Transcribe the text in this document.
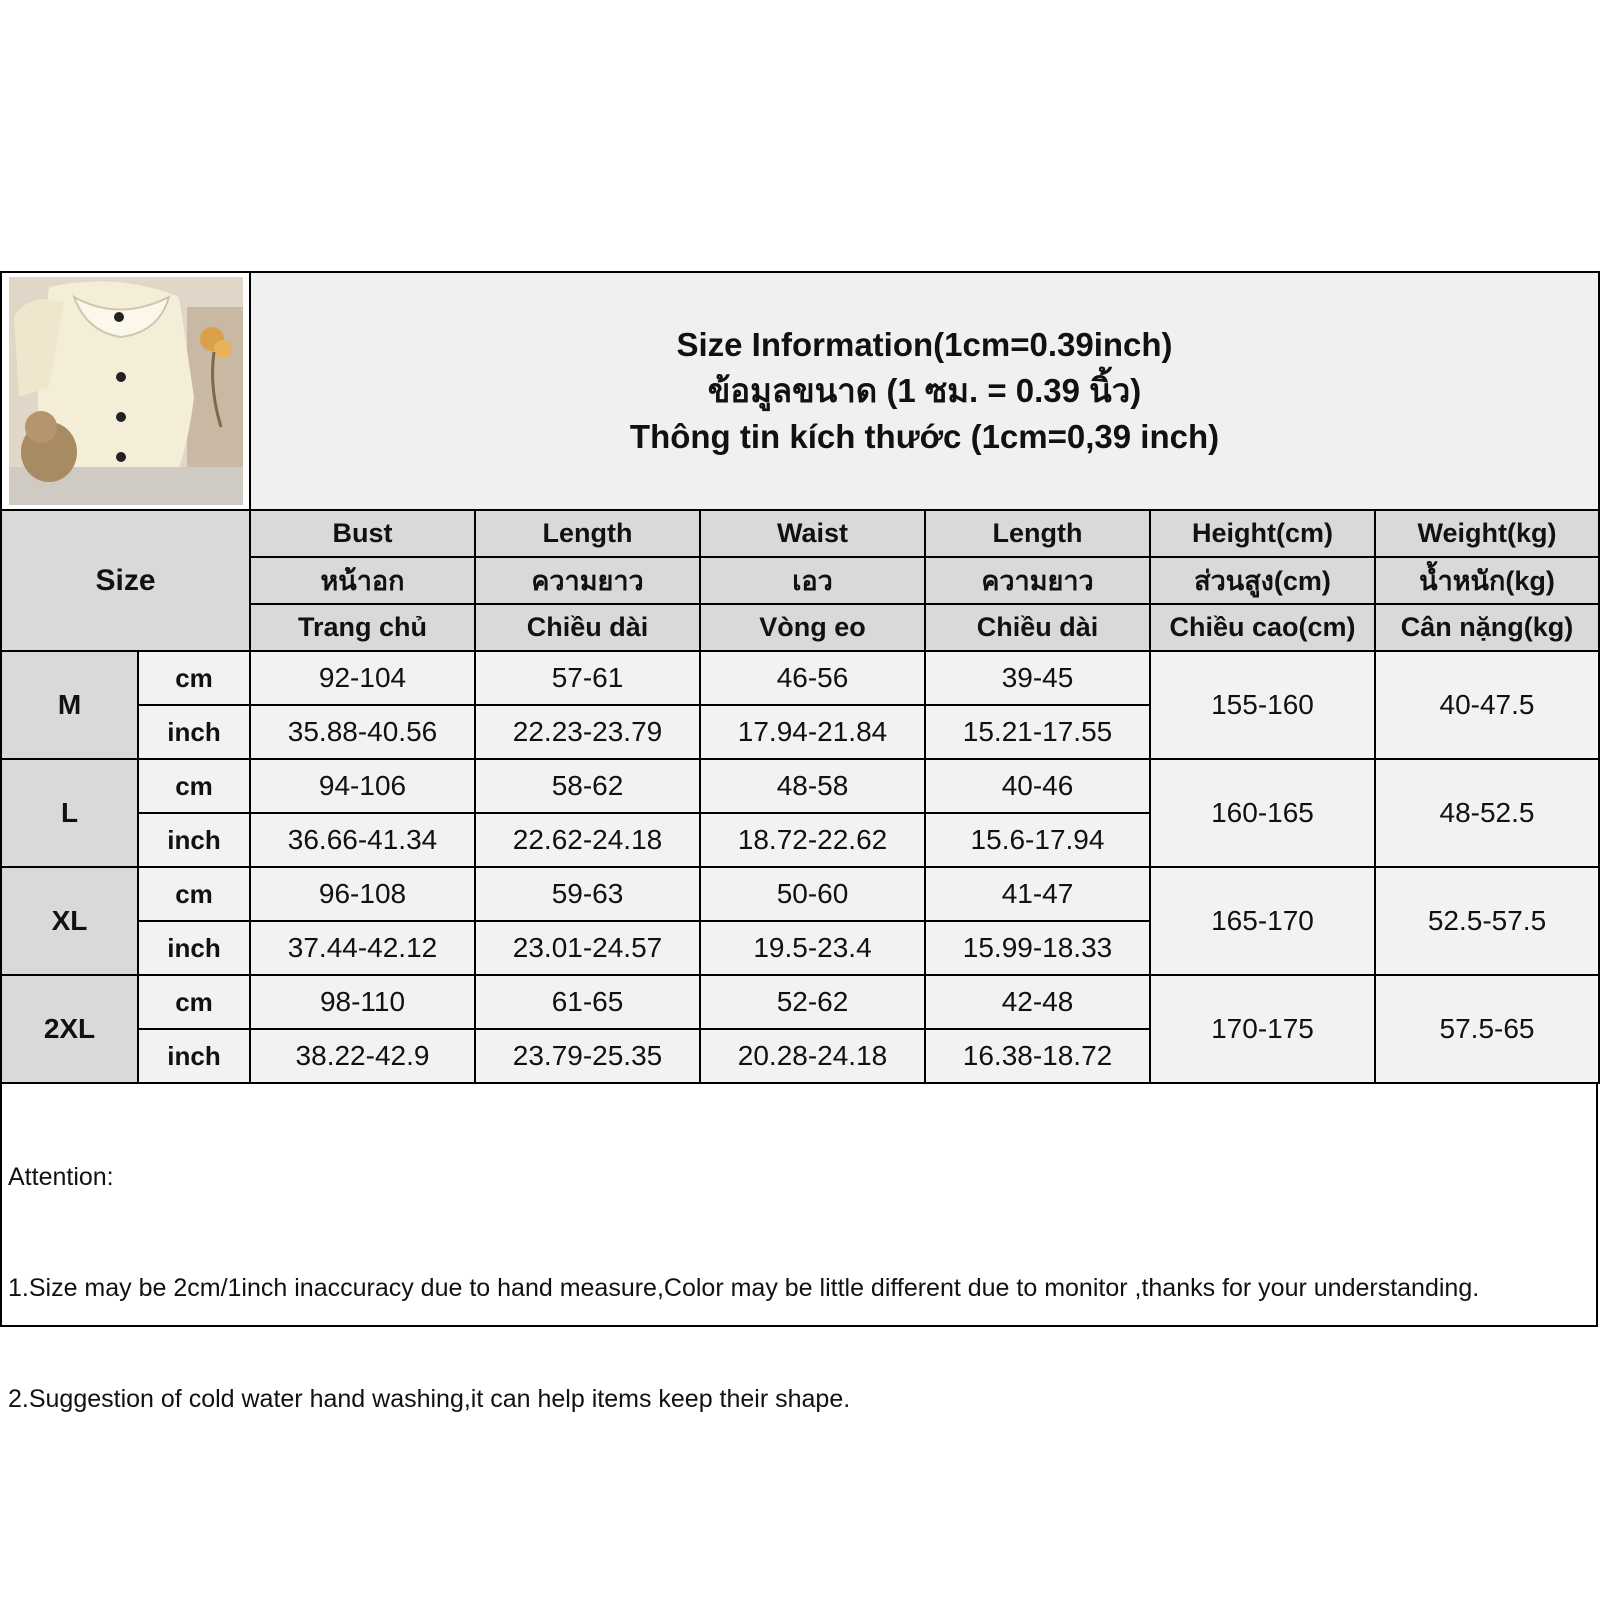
Size Information(1cm=0.39inch)
ข้อมูลขนาด (1 ซม. = 0.39 นิ้ว)
Thông tin kích thước (1cm=0,39 inch)					

Size		Bust	Length	Waist	Length	Height(cm)	Weight(kg)
		หน้าอก	ความยาว	เอว	ความยาว	ส่วนสูง(cm)	น้ำหนัก(kg)
		Trang chủ	Chiều dài	Vòng eo	Chiều dài	Chiều cao(cm)	Cân nặng(kg)
M	cm	92-104	57-61	46-56	39-45	155-160	40-47.5
	inch	35.88-40.56	22.23-23.79	17.94-21.84	15.21-17.55		
L	cm	94-106	58-62	48-58	40-46	160-165	48-52.5
	inch	36.66-41.34	22.62-24.18	18.72-22.62	15.6-17.94		
XL	cm	96-108	59-63	50-60	41-47	165-170	52.5-57.5
	inch	37.44-42.12	23.01-24.57	19.5-23.4	15.99-18.33		
2XL	cm	98-110	61-65	52-62	42-48	170-175	57.5-65
	inch	38.22-42.9	23.79-25.35	20.28-24.18	16.38-18.72		

Attention:

1.Size may be 2cm/1inch inaccuracy due to hand measure,Color may be little different due to monitor ,thanks for your understanding.

2.Suggestion of cold water hand washing,it can help items keep their shape.
